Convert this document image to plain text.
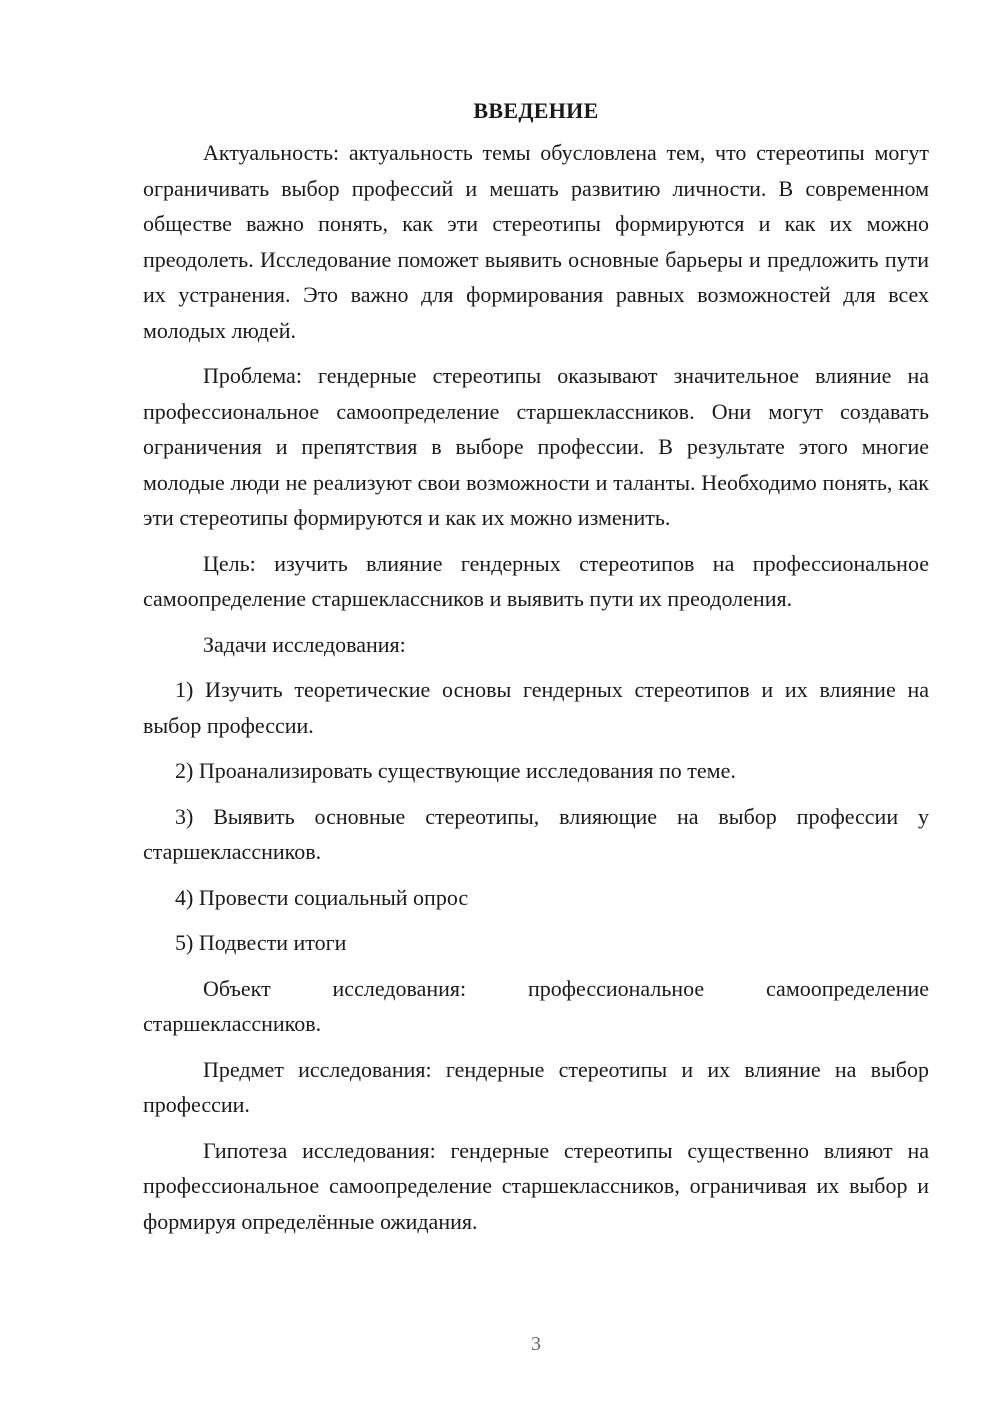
ВВЕДЕНИЕ

Актуальность: актуальность темы обусловлена тем, что стереотипы могут ограничивать выбор профессий и мешать развитию личности. В современном обществе важно понять, как эти стереотипы формируются и как их можно преодолеть. Исследование поможет выявить основные барьеры и предложить пути их устранения. Это важно для формирования равных возможностей для всех молодых людей.

Проблема: гендерные стереотипы оказывают значительное влияние на профессиональное самоопределение старшеклассников. Они могут создавать ограничения и препятствия в выборе профессии. В результате этого многие молодые люди не реализуют свои возможности и таланты. Необходимо понять, как эти стереотипы формируются и как их можно изменить.

Цель: изучить влияние гендерных стереотипов на профессиональное самоопределение старшеклассников и выявить пути их преодоления.

Задачи исследования:

1) Изучить теоретические основы гендерных стереотипов и их влияние на выбор профессии.

2) Проанализировать существующие исследования по теме.

3) Выявить основные стереотипы, влияющие на выбор профессии у старшеклассников.

4) Провести социальный опрос

5) Подвести итоги

Объект исследования: профессиональное самоопределение старшеклассников.

Предмет исследования: гендерные стереотипы и их влияние на выбор профессии.

Гипотеза исследования: гендерные стереотипы существенно влияют на профессиональное самоопределение старшеклассников, ограничивая их выбор и формируя определённые ожидания.

3
